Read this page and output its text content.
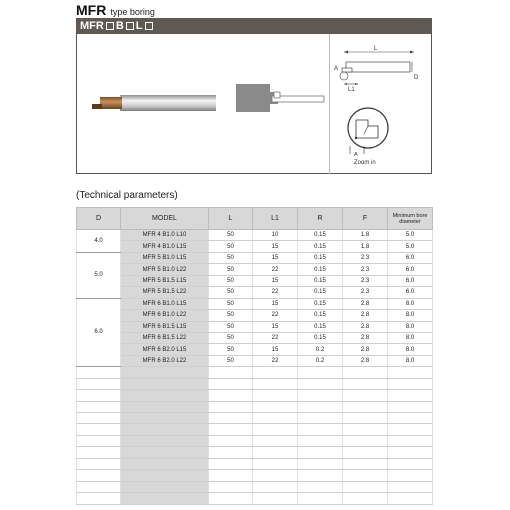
MFR type boring
MFR B L
L
A
L1
D
A
Zoom in
(Technical parameters)
D	MODEL	L	L1	R	F	Minimum bore diameter
4.0	MFR 4 B1.0 L10	50	10	0.15	1.8	5.0
	MFR 4 B1.0 L15	50	15	0.15	1.8	5.0
5.0	MFR 5 B1.0 L15	50	15	0.15	2.3	6.0
	MFR 5 B1.0 L22	50	22	0.15	2.3	6.0
	MFR 5 B1.5 L15	50	15	0.15	2.3	6.0
	MFR 5 B1.5 L22	50	22	0.15	2.3	6.0
6.0	MFR 6 B1.0 L15	50	15	0.15	2.8	8.0
	MFR 6 B1.0 L22	50	22	0.15	2.8	8.0
	MFR 6 B1.5 L15	50	15	0.15	2.8	8.0
	MFR 6 B1.5 L22	50	22	0.15	2.8	8.0
	MFR 6 B2.0 L15	50	15	0.2	2.8	8.0
	MFR 6 B2.0 L22	50	22	0.2	2.8	8.0
